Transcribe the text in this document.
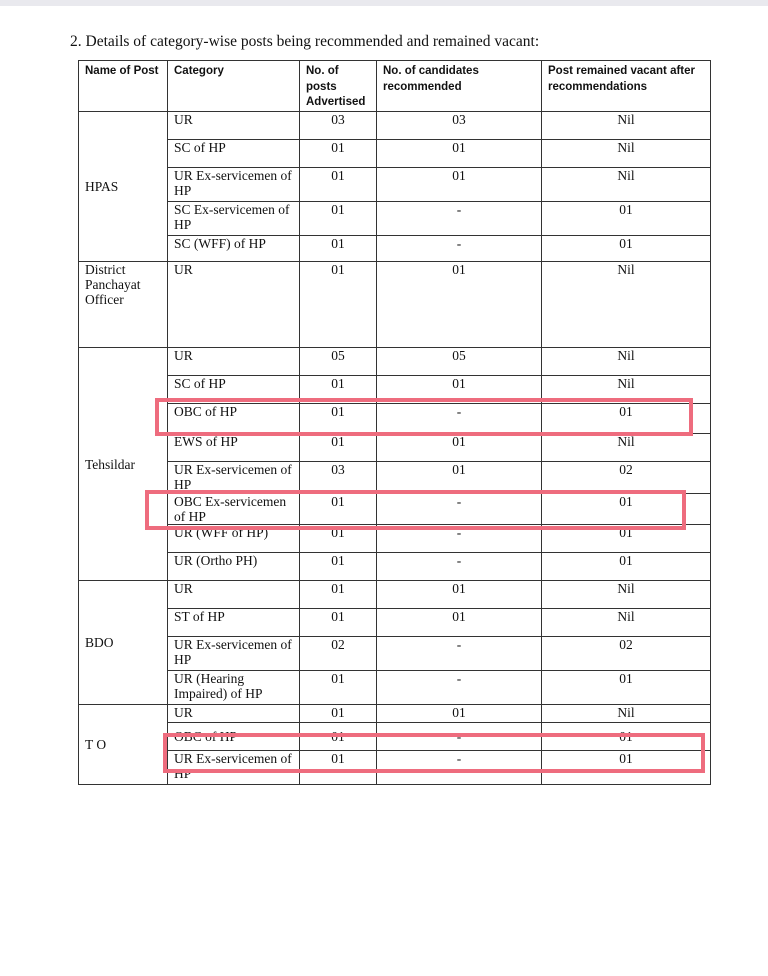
2. Details of category-wise posts being recommended and remained vacant:
Name of Post	Category	No. of posts Advertised	No. of candidates recommended	Post remained vacant after recommendations
HPAS	UR	03	03	Nil
	SC of HP	01	01	Nil
	UR Ex-servicemen of HP	01	01	Nil
	SC Ex-servicemen of HP	01	-	01
	SC (WFF) of HP	01	-	01
District Panchayat Officer	UR	01	01	Nil
Tehsildar	UR	05	05	Nil
	SC of HP	01	01	Nil
	OBC of HP	01	-	01
	EWS of HP	01	01	Nil

	UR Ex-servicemen of HP	03	01	02

	OBC Ex-servicemen of HP	01	-	01
	UR (WFF of HP)	01	-	01
	UR (Ortho PH)	01	-	01
BDO	UR	01	01	Nil
	ST of HP	01	01	Nil
	UR Ex-servicemen of HP	02	-	02
	UR (Hearing Impaired) of HP	01	-	01
T O	UR	01	01	Nil
	OBC of HP	01	-	01
	UR Ex-servicemen of HP	01	-	01
